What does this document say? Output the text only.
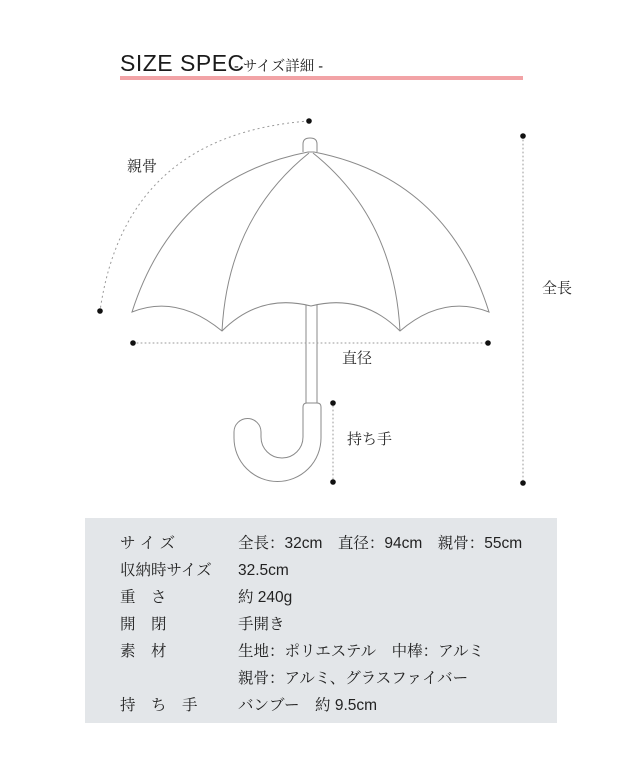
SIZE SPEC
- サイズ詳細 -
親骨
全長
直径
持ち手
サ イ ズ	全長：32cm　直径：94cm　親骨：55cm
収納時サイズ	32.5cm
重　さ	約 240g
開　閉	手開き
素　材	生地：ポリエステル　中棒：アルミ
親骨：アルミ、グラスファイバー
持　ち　手	バンブー　約 9.5cm
